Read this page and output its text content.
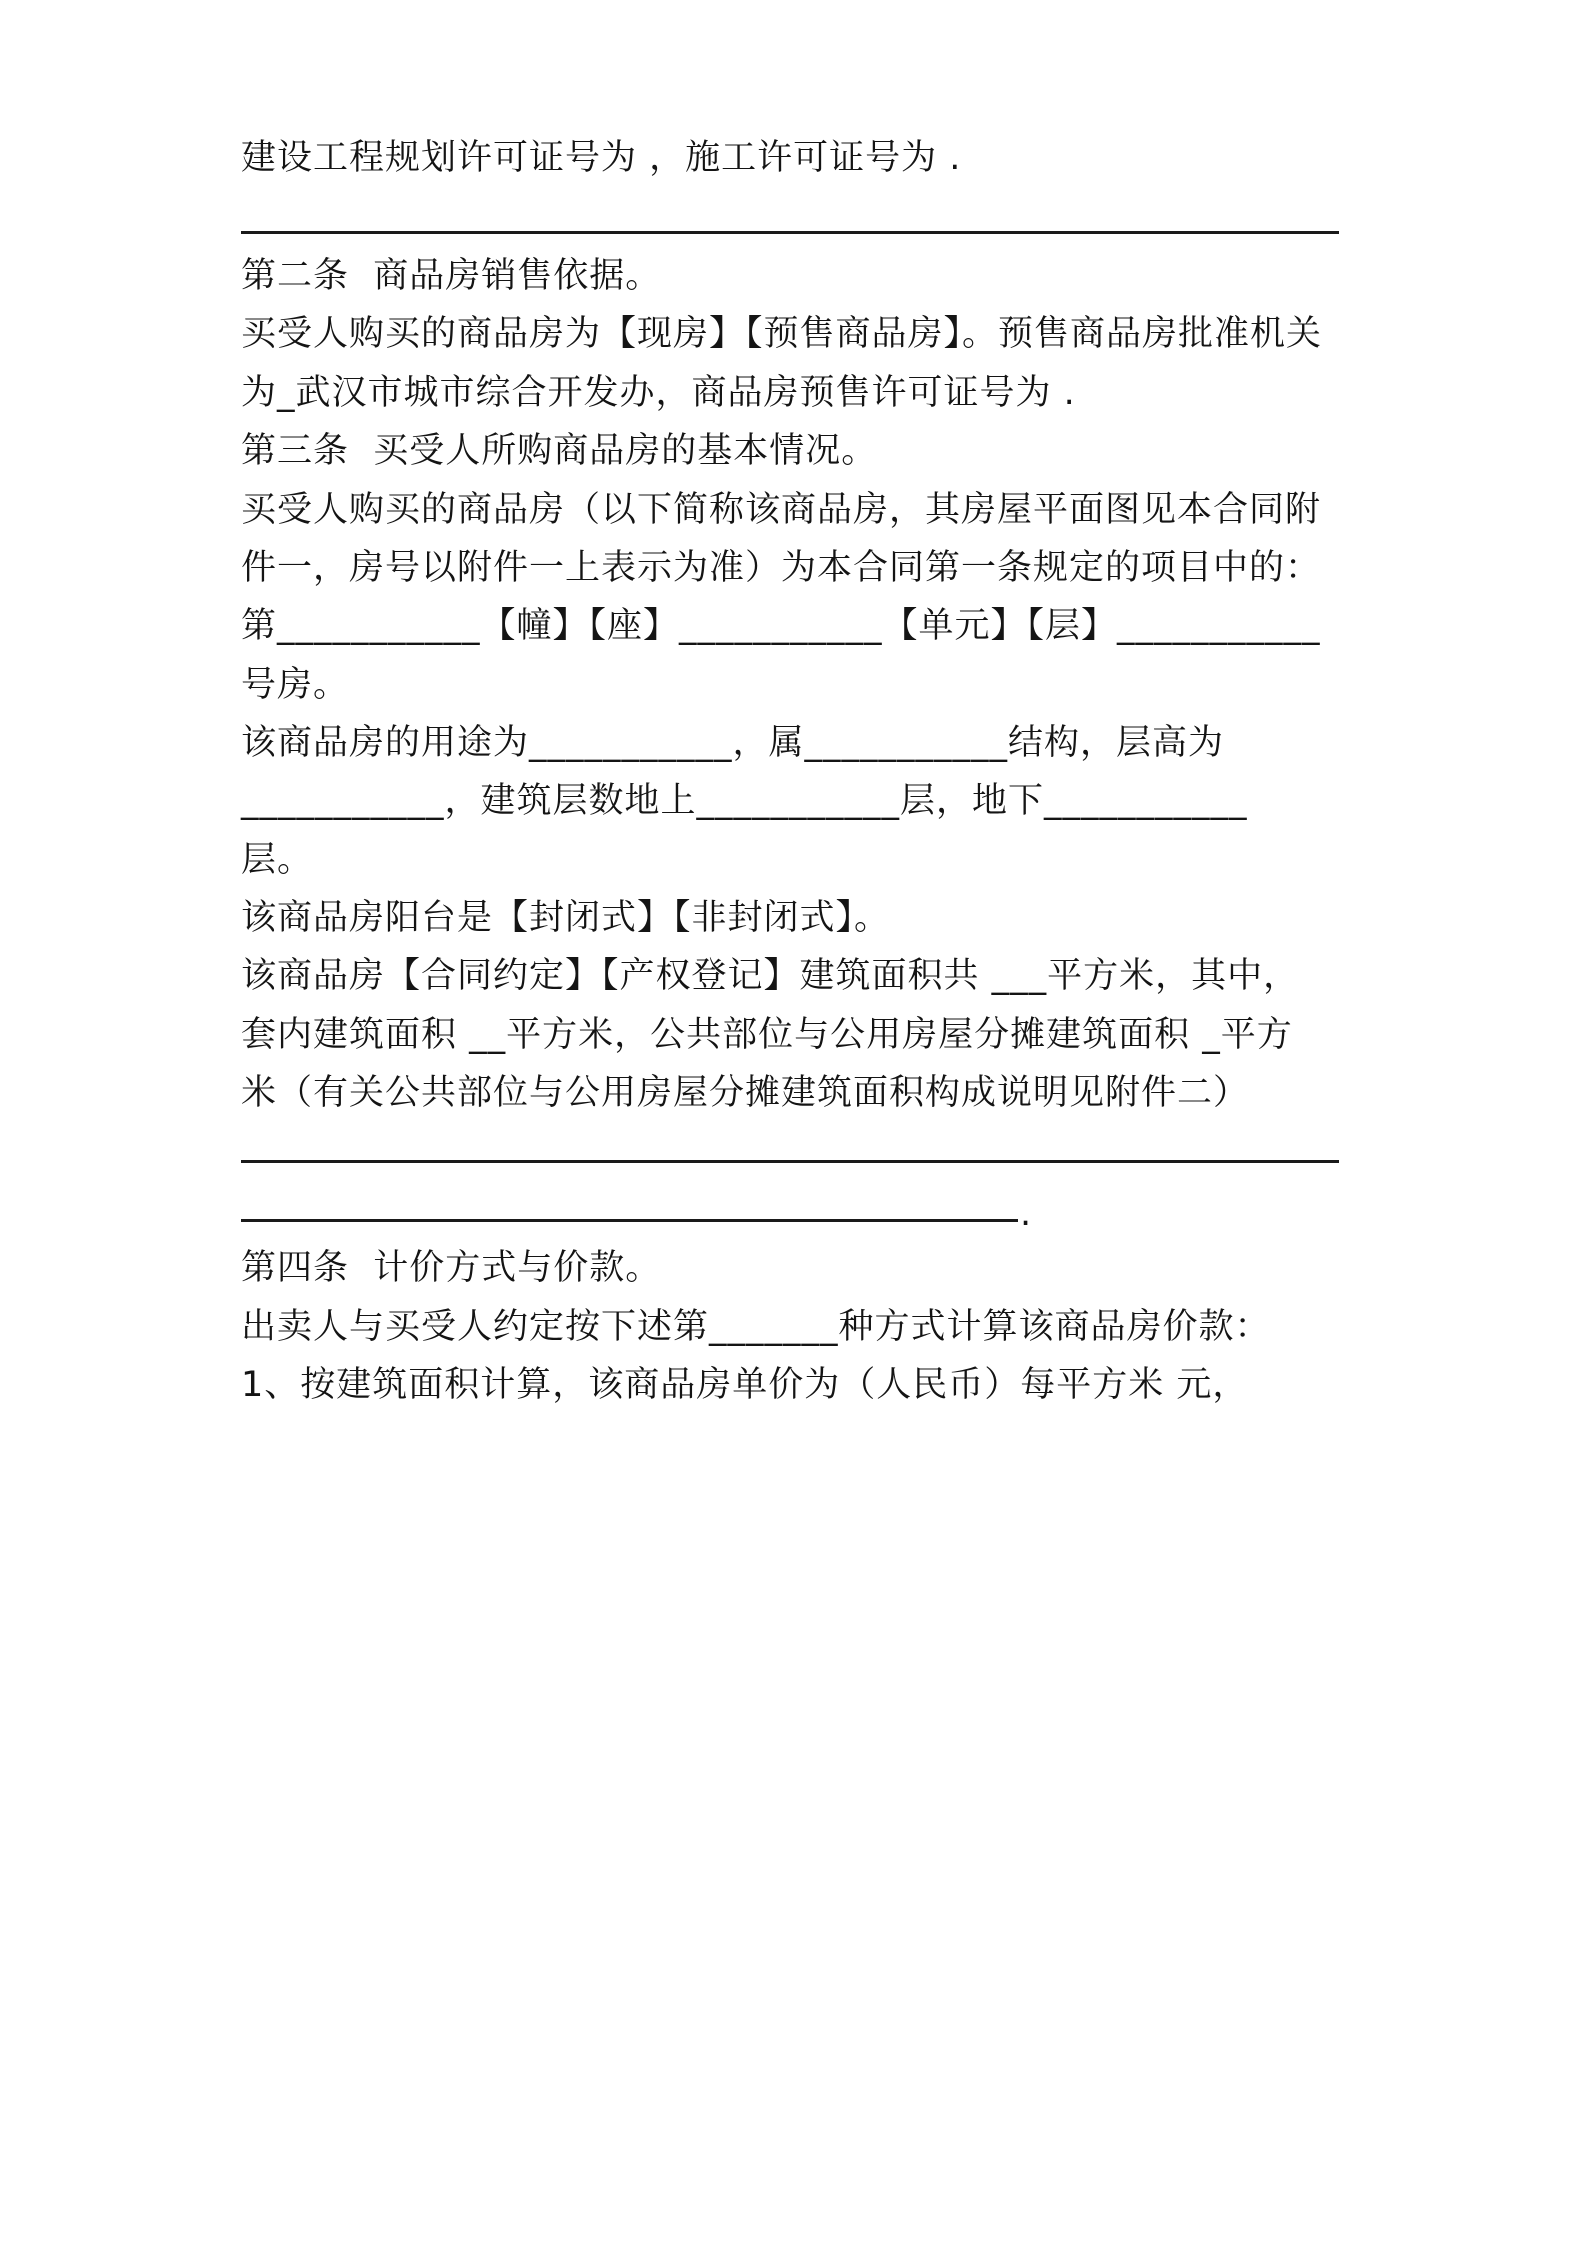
建设工程规划许可证号为 ，施工许可证号为 .

第二条  商品房销售依据。

买受人购买的商品房为【现房】【预售商品房】。预售商品房批准机关

为_武汉市城市综合开发办，商品房预售许可证号为 .

第三条  买受人所购商品房的基本情况。

买受人购买的商品房（以下简称该商品房，其房屋平面图见本合同附

件一，房号以附件一上表示为准）为本合同第一条规定的项目中的：

第___________【幢】【座】___________【单元】【层】___________

号房。

该商品房的用途为___________，属___________结构，层高为

___________，建筑层数地上___________层，地下___________

层。

该商品房阳台是【封闭式】【非封闭式】。

该商品房【合同约定】【产权登记】建筑面积共 ___平方米，其中，

套内建筑面积 __平方米，公共部位与公用房屋分摊建筑面积 _平方

米（有关公共部位与公用房屋分摊建筑面积构成说明见附件二）

.

第四条  计价方式与价款。

出卖人与买受人约定按下述第_______种方式计算该商品房价款：

1、按建筑面积计算，该商品房单价为（人民币）每平方米 元，
